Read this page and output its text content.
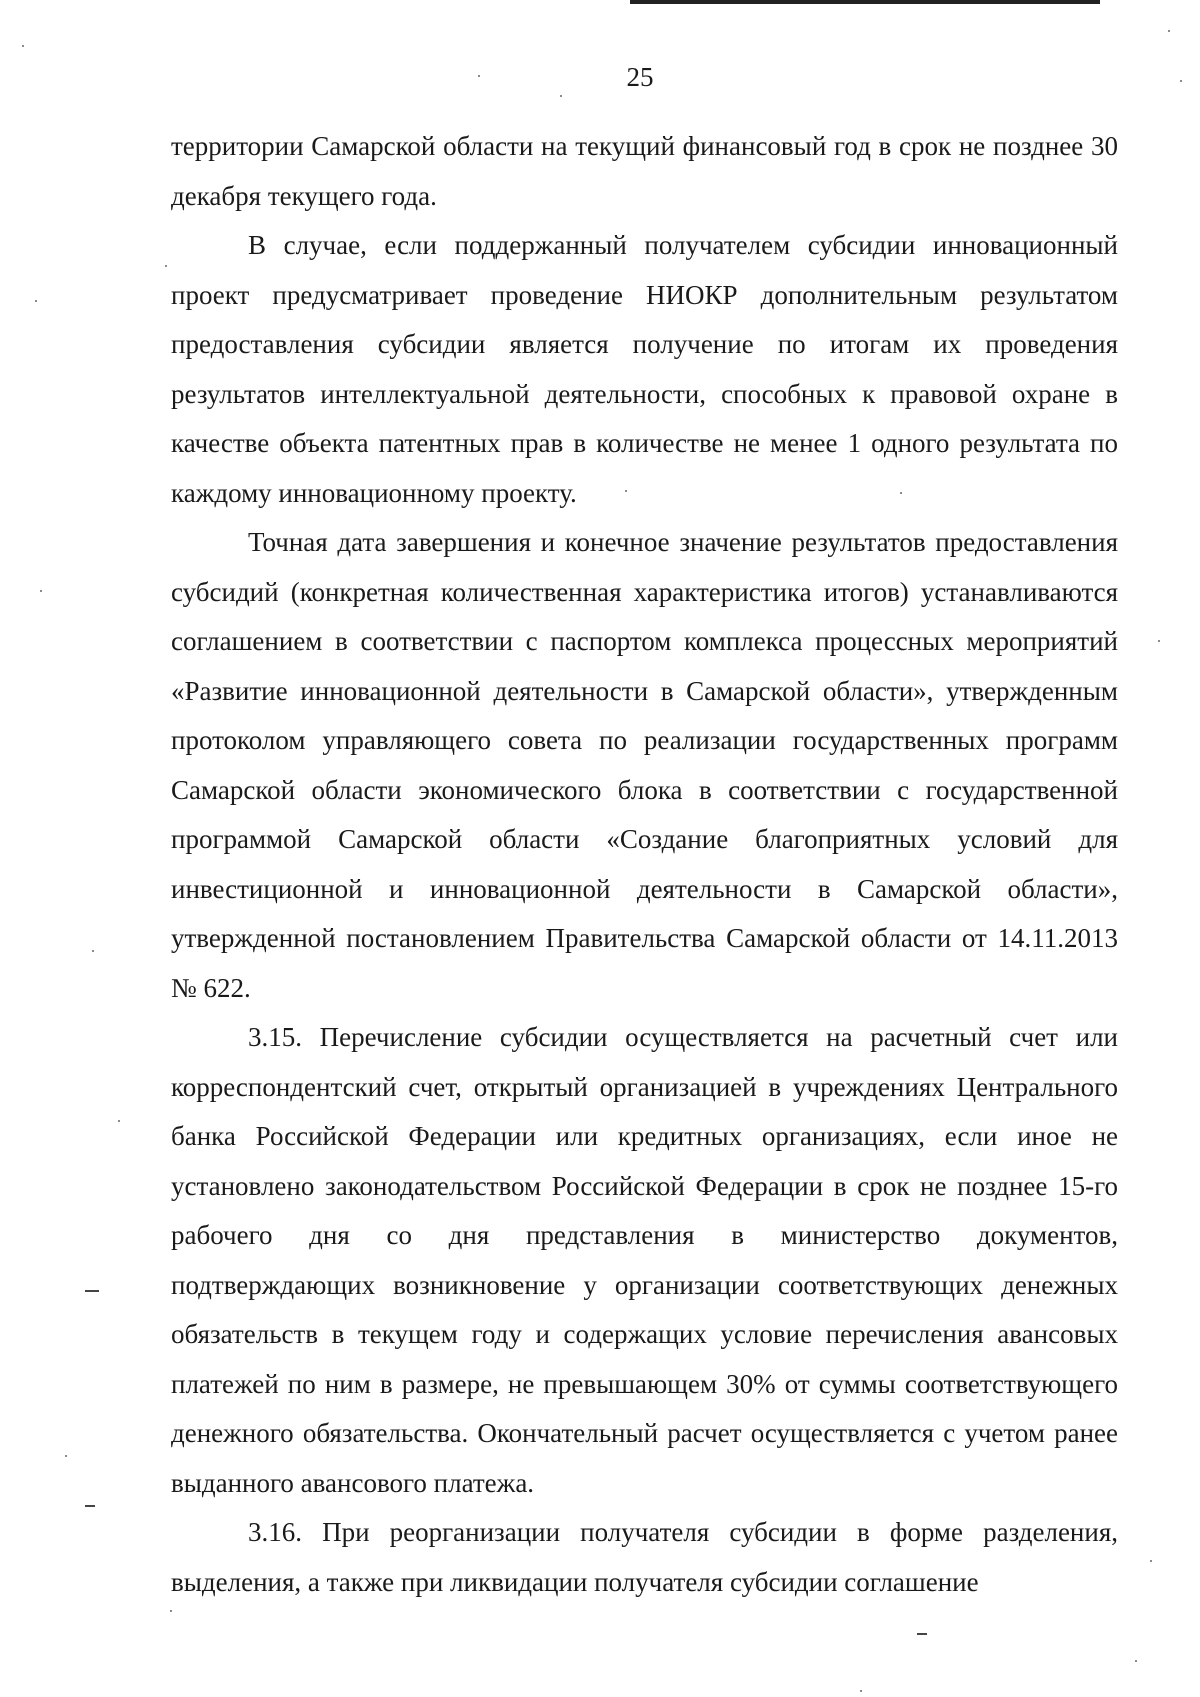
25

территории Самарской области на текущий финансовый год в срок не позднее 30 декабря текущего года.

В случае, если поддержанный получателем субсидии инновационный проект предусматривает проведение НИОКР дополнительным результатом предоставления субсидии является получение по итогам их проведения результатов интеллектуальной деятельности, способных к правовой охране в качестве объекта патентных прав в количестве не менее 1 одного результата по каждому инновационному проекту.

Точная дата завершения и конечное значение результатов предоставления субсидий (конкретная количественная характеристика итогов) устанавливаются соглашением в соответствии с паспортом комплекса процессных мероприятий «Развитие инновационной деятельности в Самарской области», утвержденным протоколом управляющего совета по реализации государственных программ Самарской области экономического блока в соответствии с государственной программой Самарской области «Создание благоприятных условий для инвестиционной и инновационной деятельности в Самарской области», утвержденной постановлением Правительства Самарской области от 14.11.2013 № 622.

3.15. Перечисление субсидии осуществляется на расчетный счет или корреспондентский счет, открытый организацией в учреждениях Центрального банка Российской Федерации или кредитных организациях, если иное не установлено законодательством Российской Федерации в срок не позднее 15-го рабочего дня со дня представления в министерство документов, подтверждающих возникновение у организации соответствующих денежных обязательств в текущем году и содержащих условие перечисления авансовых платежей по ним в размере, не превышающем 30% от суммы соответствующего денежного обязательства. Окончательный расчет осуществляется с учетом ранее выданного авансового платежа.

3.16. При реорганизации получателя субсидии в форме разделения, выделения, а также при ликвидации получателя субсидии соглашение
